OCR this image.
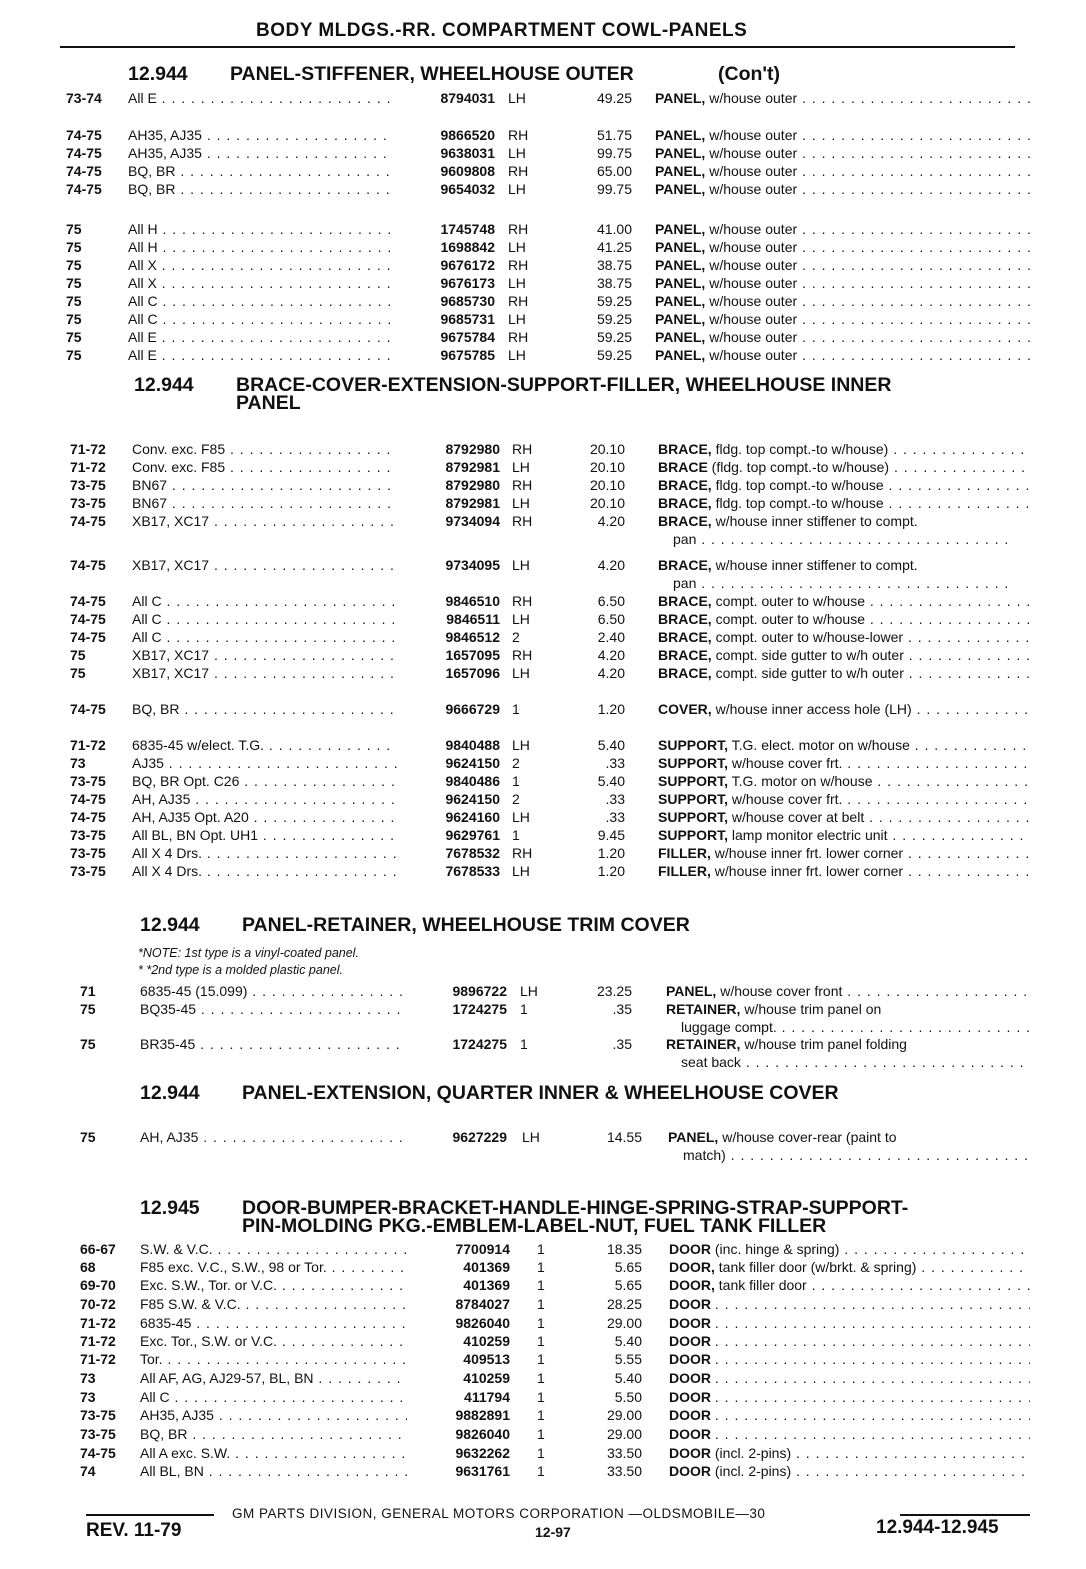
BODY MLDGS.-RR. COMPARTMENT COWL-PANELS
12.944 PANEL-STIFFENER, WHEELHOUSE OUTER	(Con't)
73-74 All E . . .	8794031 LH	49.25 PANEL, w/house outer . . .
74-75 AH35, AJ35 . . .	9866520 RH	51.75 PANEL, w/house outer . . .
74-75 AH35, AJ35 . . .	9638031 LH	99.75 PANEL, w/house outer . . .
74-75 BQ, BR . . .	9609808 RH	65.00 PANEL, w/house outer . . .
74-75 BQ, BR . . .	9654032 LH	99.75 PANEL, w/house outer . . .
75	All H . . .	1745748 RH	41.00 PANEL, w/house outer . . .
75	All H . . .	1698842 LH	41.25 PANEL, w/house outer . . .
75	All X . . .	9676172 RH	38.75 PANEL, w/house outer . . .
75	All X . . .	9676173 LH	38.75 PANEL, w/house outer . . .
75	All C . . .	9685730 RH	59.25 PANEL, w/house outer . . .
75	All C . . .	9685731 LH	59.25 PANEL, w/house outer . . .
75	All E . . .	9675784 RH	59.25 PANEL, w/house outer . . .
75	All E . . .	9675785 LH	59.25 PANEL, w/house outer . . .
12.944 BRACE-COVER-EXTENSION-SUPPORT-FILLER, WHEELHOUSE INNER
PANEL
71-72 Conv. exc. F85 . . .	8792980 RH	20.10 BRACE, fldg. top compt.-to w/house) . . .
71-72 Conv. exc. F85 . . .	8792981 LH	20.10 BRACE (fldg. top compt.-to w/house) . . .
73-75 BN67 . . .	8792980 RH	20.10 BRACE, fldg. top compt.-to w/house . . .
73-75 BN67 . . .	8792981 LH	20.10 BRACE, fldg. top compt.-to w/house . . .
74-75 XB17, XC17 . . .	9734094 RH	4.20 BRACE, w/house inner stiffener to compt.
pan . . .
74-75 XB17, XC17 . . .	9734095 LH	4.20 BRACE, w/house inner stiffener to compt.
pan . . .
74-75 All C . . .	9846510 RH	6.50 BRACE, compt. outer to w/house . . .
74-75 All C . . .	9846511 LH	6.50 BRACE, compt. outer to w/house . . .
74-75 All C . . .	9846512 2	2.40 BRACE, compt. outer to w/house-lower . . .
75	XB17, XC17 . . .	1657095 RH	4.20 BRACE, compt. side gutter to w/h outer . . .
75	XB17, XC17 . . .	1657096 LH	4.20 BRACE, compt. side gutter to w/h outer . . .
74-75 BQ, BR . . .	9666729 1	1.20 COVER, w/house inner access hole (LH) . . .
71-72 6835-45 w/elect. T.G. . . .	9840488 LH	5.40 SUPPORT, T.G. elect. motor on w/house . . .
73	AJ35 . . .	9624150 2	.33 SUPPORT, w/house cover frt. . . .
73-75 BQ, BR Opt. C26 . . .	9840486 1	5.40 SUPPORT, T.G. motor on w/house . . .
74-75 AH, AJ35 . . .	9624150 2	.33 SUPPORT, w/house cover frt. . . .
74-75 AH, AJ35 Opt. A20 . . .	9624160 LH	.33 SUPPORT, w/house cover at belt . . .
73-75 All BL, BN Opt. UH1 . . .	9629761 1	9.45 SUPPORT, lamp monitor electric unit . . .
73-75 All X 4 Drs. . . .	7678532 RH	1.20 FILLER, w/house inner frt. lower corner . . .
73-75 All X 4 Drs. . . .	7678533 LH	1.20 FILLER, w/house inner frt. lower corner . . .
12.944 PANEL-RETAINER, WHEELHOUSE TRIM COVER
*NOTE: 1st type is a vinyl-coated panel.
* *2nd type is a molded plastic panel.
71	6835-45 (15.099) . . .	9896722 LH	23.25 PANEL, w/house cover front . . .
75	BQ35-45 . . .	1724275 1	.35 RETAINER, w/house trim panel on
luggage compt. . . .
75	BR35-45 . . .	1724275 1	.35 RETAINER, w/house trim panel folding
seat back . . .
12.944 PANEL-EXTENSION, QUARTER INNER & WHEELHOUSE COVER
75	AH, AJ35 . . .	9627229 LH	14.55 PANEL, w/house cover-rear (paint to
match) . . .
12.945 DOOR-BUMPER-BRACKET-HANDLE-HINGE-SPRING-STRAP-SUPPORT-
PIN-MOLDING PKG.-EMBLEM-LABEL-NUT, FUEL TANK FILLER
66-67 S.W. & V.C. . . .	7700914 1	18.35 DOOR (inc. hinge & spring) . . .
68	F85 exc. V.C., S.W., 98 or Tor. . . .	401369 1	5.65 DOOR, tank filler door (w/brkt. & spring) . . .
69-70 Exc. S.W., Tor. or V.C. . . .	401369 1	5.65 DOOR, tank filler door . . .
70-72 F85 S.W. & V.C. . . .	8784027 1	28.25 DOOR . . .
71-72 6835-45 . . .	9826040 1	29.00 DOOR . . .
71-72 Exc. Tor., S.W. or V.C. . . .	410259 1	5.40 DOOR . . .
71-72 Tor. . . .	409513 1	5.55 DOOR . . .
73	All AF, AG, AJ29-57, BL, BN . . .	410259 1	5.40 DOOR . . .
73	All C . . .	411794 1	5.50 DOOR . . .
73-75 AH35, AJ35 . . .	9882891 1	29.00 DOOR . . .
73-75 BQ, BR . . .	9826040 1	29.00 DOOR . . .
74-75 All A exc. S.W. . . .	9632262 1	33.50 DOOR (incl. 2-pins) . . .
74	All BL, BN . . .	9631761 1	33.50 DOOR (incl. 2-pins) . . .
GM PARTS DIVISION, GENERAL MOTORS CORPORATION —OLDSMOBILE—30
REV. 11-79	12-97	12.944-12.945
